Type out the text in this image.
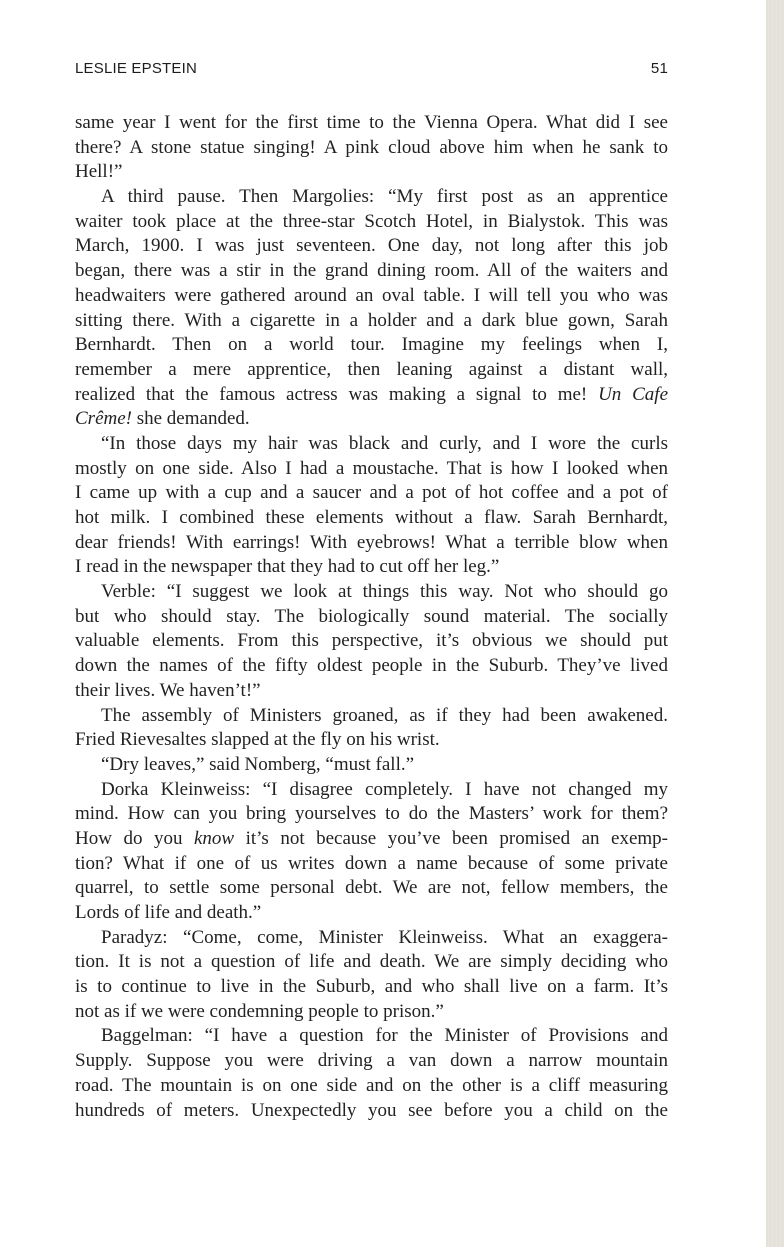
LESLIE EPSTEIN	51
same year I went for the first time to the Vienna Opera. What did I see
there? A stone statue singing! A pink cloud above him when he sank to
Hell!”
A third pause. Then Margolies: “My first post as an apprentice
waiter took place at the three-star Scotch Hotel, in Bialystok. This was
March, 1900. I was just seventeen. One day, not long after this job
began, there was a stir in the grand dining room. All of the waiters and
headwaiters were gathered around an oval table. I will tell you who was
sitting there. With a cigarette in a holder and a dark blue gown, Sarah
Bernhardt. Then on a world tour. Imagine my feelings when I,
remember a mere apprentice, then leaning against a distant wall,
realized that the famous actress was making a signal to me! Un Cafe
Crême! she demanded.
“In those days my hair was black and curly, and I wore the curls
mostly on one side. Also I had a moustache. That is how I looked when
I came up with a cup and a saucer and a pot of hot coffee and a pot of
hot milk. I combined these elements without a flaw. Sarah Bernhardt,
dear friends! With earrings! With eyebrows! What a terrible blow when
I read in the newspaper that they had to cut off her leg.”
Verble: “I suggest we look at things this way. Not who should go
but who should stay. The biologically sound material. The socially
valuable elements. From this perspective, it’s obvious we should put
down the names of the fifty oldest people in the Suburb. They’ve lived
their lives. We haven’t!”
The assembly of Ministers groaned, as if they had been awakened.
Fried Rievesaltes slapped at the fly on his wrist.
“Dry leaves,” said Nomberg, “must fall.”
Dorka Kleinweiss: “I disagree completely. I have not changed my
mind. How can you bring yourselves to do the Masters’ work for them?
How do you know it’s not because you’ve been promised an exemp-
tion? What if one of us writes down a name because of some private
quarrel, to settle some personal debt. We are not, fellow members, the
Lords of life and death.”
Paradyz: “Come, come, Minister Kleinweiss. What an exaggera-
tion. It is not a question of life and death. We are simply deciding who
is to continue to live in the Suburb, and who shall live on a farm. It’s
not as if we were condemning people to prison.”
Baggelman: “I have a question for the Minister of Provisions and
Supply. Suppose you were driving a van down a narrow mountain
road. The mountain is on one side and on the other is a cliff measuring
hundreds of meters. Unexpectedly you see before you a child on the
